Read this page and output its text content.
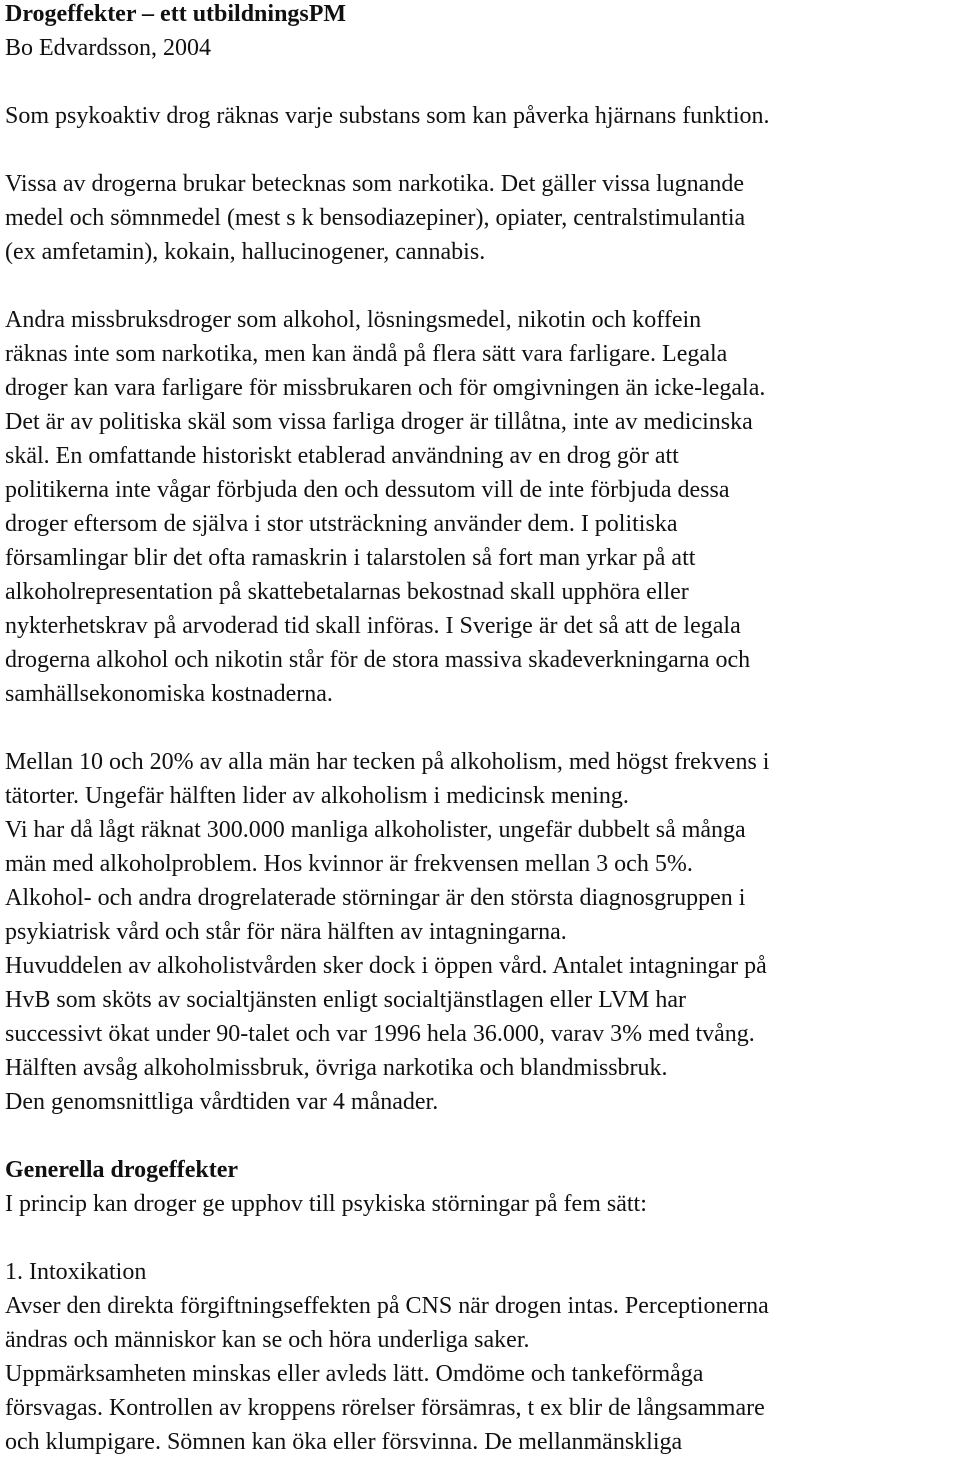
Drogeffekter – ett utbildningsPM
Bo Edvardsson, 2004
Som psykoaktiv drog räknas varje substans som kan påverka hjärnans funktion.
Vissa av drogerna brukar betecknas som narkotika. Det gäller vissa lugnande
medel och sömnmedel (mest s k bensodiazepiner), opiater, centralstimulantia
(ex amfetamin), kokain, hallucinogener, cannabis.
Andra missbruksdroger som alkohol, lösningsmedel, nikotin och koffein
räknas inte som narkotika, men kan ändå på flera sätt vara farligare. Legala
droger kan vara farligare för missbrukaren och för omgivningen än icke-legala.
Det är av politiska skäl som vissa farliga droger är tillåtna, inte av medicinska
skäl. En omfattande historiskt etablerad användning av en drog gör att
politikerna inte vågar förbjuda den och dessutom vill de inte förbjuda dessa
droger eftersom de själva i stor utsträckning använder dem. I politiska
församlingar blir det ofta ramaskrin i talarstolen så fort man yrkar på att
alkoholrepresentation på skattebetalarnas bekostnad skall upphöra eller
nykterhetskrav på arvoderad tid skall införas. I Sverige är det så att de legala
drogerna alkohol och nikotin står för de stora massiva skadeverkningarna och
samhällsekonomiska kostnaderna.
Mellan 10 och 20% av alla män har tecken på alkoholism, med högst frekvens i
tätorter. Ungefär hälften lider av alkoholism i medicinsk mening.
Vi har då lågt räknat 300.000 manliga alkoholister, ungefär dubbelt så många
män med alkoholproblem. Hos kvinnor är frekvensen mellan 3 och 5%.
Alkohol- och andra drogrelaterade störningar är den största diagnosgruppen i
psykiatrisk vård och står för nära hälften av intagningarna.
Huvuddelen av alkoholistvården sker dock i öppen vård. Antalet intagningar på
HvB som sköts av socialtjänsten enligt socialtjänstlagen eller LVM har
successivt ökat under 90-talet och var 1996 hela 36.000, varav 3% med tvång.
Hälften avsåg alkoholmissbruk, övriga narkotika och blandmissbruk.
Den genomsnittliga vårdtiden var 4 månader.
Generella drogeffekter
I princip kan droger ge upphov till psykiska störningar på fem sätt:
1. Intoxikation
Avser den direkta förgiftningseffekten på CNS när drogen intas. Perceptionerna
ändras och människor kan se och höra underliga saker.
Uppmärksamheten minskas eller avleds lätt. Omdöme och tankeförmåga
försvagas. Kontrollen av kroppens rörelser försämras, t ex blir de långsammare
och klumpigare. Sömnen kan öka eller försvinna. De mellanmänskliga
